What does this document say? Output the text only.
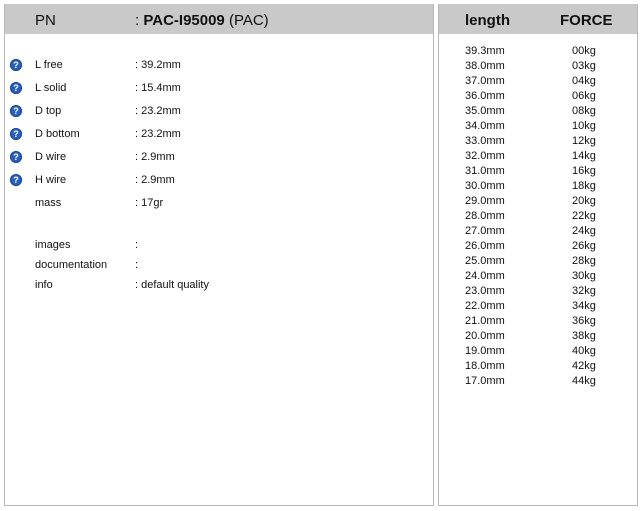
PN	: PAC-I95009 (PAC)
? L free	: 39.2mm
? L solid	: 15.4mm
? D top	: 23.2mm
? D bottom	: 23.2mm
? D wire	: 2.9mm
? H wire	: 2.9mm
mass	: 17gr
images	:
documentation	:
info	: default quality
length	FORCE
39.3mm	00kg
38.0mm	03kg
37.0mm	04kg
36.0mm	06kg
35.0mm	08kg
34.0mm	10kg
33.0mm	12kg
32.0mm	14kg
31.0mm	16kg
30.0mm	18kg
29.0mm	20kg
28.0mm	22kg
27.0mm	24kg
26.0mm	26kg
25.0mm	28kg
24.0mm	30kg
23.0mm	32kg
22.0mm	34kg
21.0mm	36kg
20.0mm	38kg
19.0mm	40kg
18.0mm	42kg
17.0mm	44kg
